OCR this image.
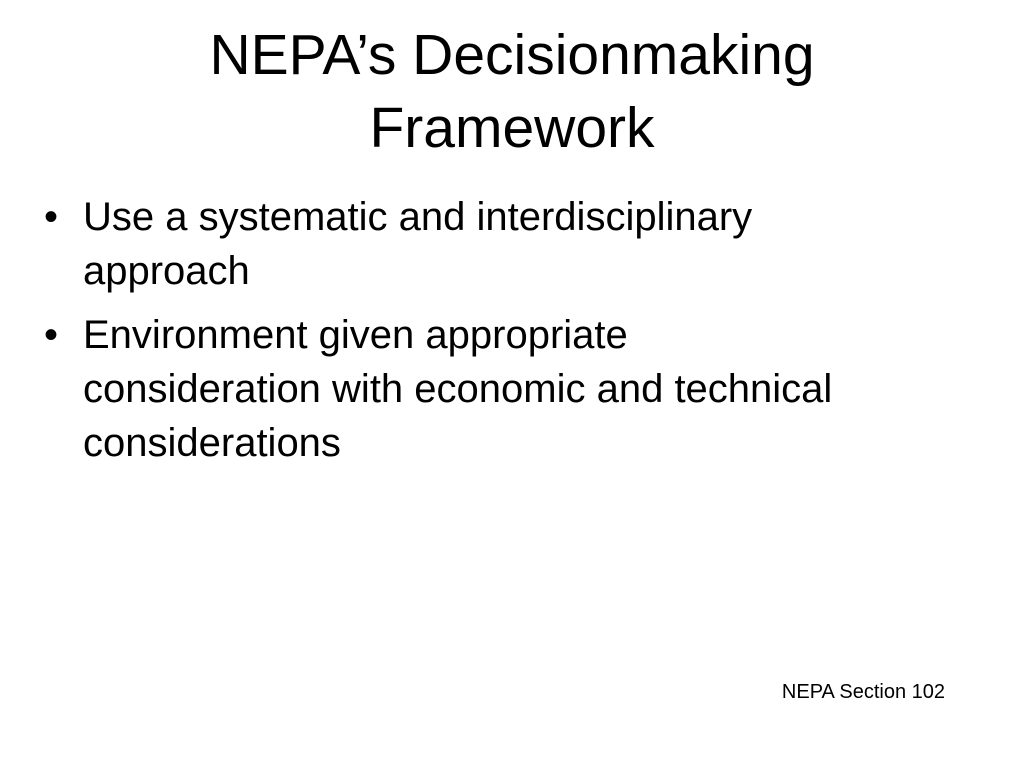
NEPA’s Decisionmaking
Framework
• Use a systematic and interdisciplinary
approach
• Environment given appropriate
consideration with economic and technical
considerations

NEPA Section 102
